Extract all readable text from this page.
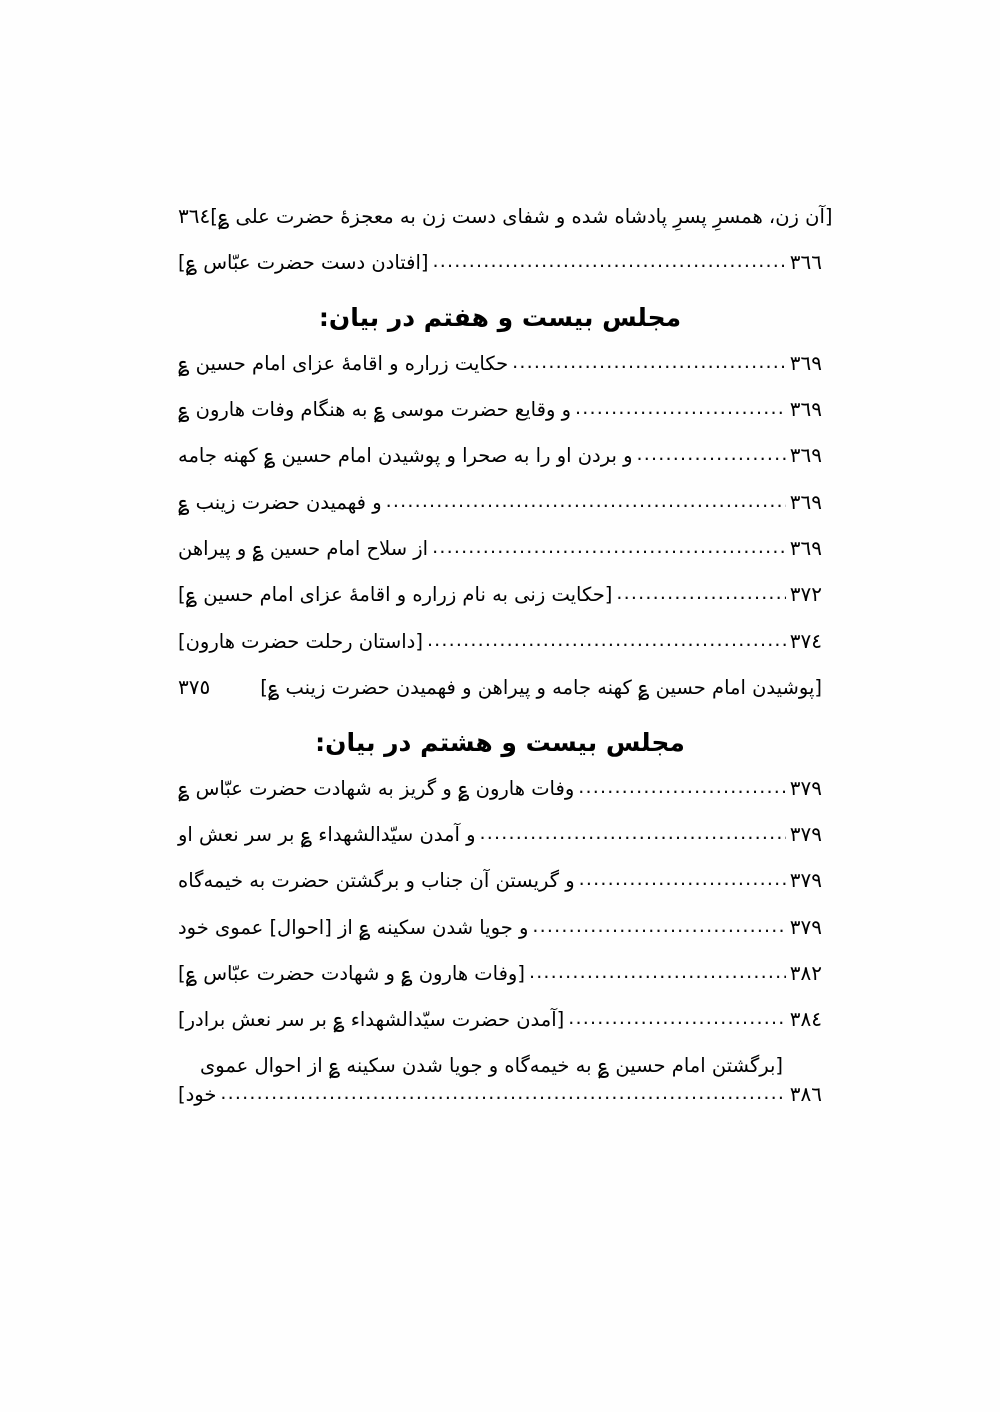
٣٦٤ [آن زن، همسرِ پسرِ پادشاه شده و شفای دست زن به معجزهٔ حضرت علی ؏]
[افتادن دست حضرت عبّاس ؏] .....	٣٦٦
مجلس بیست و هفتم در بیان:
حکایت زراره و اقامهٔ عزای امام حسین ؏ .....	٣٦٩
و وقایع حضرت موسی ؏ به هنگام وفات هارون ؏ .....	٣٦٩
و بردن او را به صحرا و پوشیدن امام حسین ؏ کهنه جامه .....	٣٦٩
و فهمیدن حضرت زینب ؏ .....	٣٦٩
از سلاح امام حسین ؏ و پیراهن .....	٣٦٩
[حکایت زنی به نام زراره و اقامهٔ عزای امام حسین ؏] .....	٣٧٢
[داستان رحلت حضرت هارون] .....	٣٧٤
٣٧٥	[پوشیدن امام حسین ؏ کهنه جامه و پیراهن و فهمیدن حضرت زینب ؏]
مجلس بیست و هشتم در بیان:
وفات هارون ؏ و گریز به شهادت حضرت عبّاس ؏ .....	٣٧٩
و آمدن سیّدالشهداء ؏ بر سر نعش او .....	٣٧٩
و گریستن آن جناب و برگشتن حضرت به خیمه‌گاه .....	٣٧٩
و جویا شدن سکینه ؏ از [احوال] عموی خود .....	٣٧٩
[وفات هارون ؏ و شهادت حضرت عبّاس ؏] .....	٣٨٢
[آمدن حضرت سیّدالشهداء ؏ بر سر نعش برادر] .....	٣٨٤
[برگشتن امام حسین ؏ به خیمه‌گاه و جویا شدن سکینه ؏ از احوال عموی
خود] .....	٣٨٦
